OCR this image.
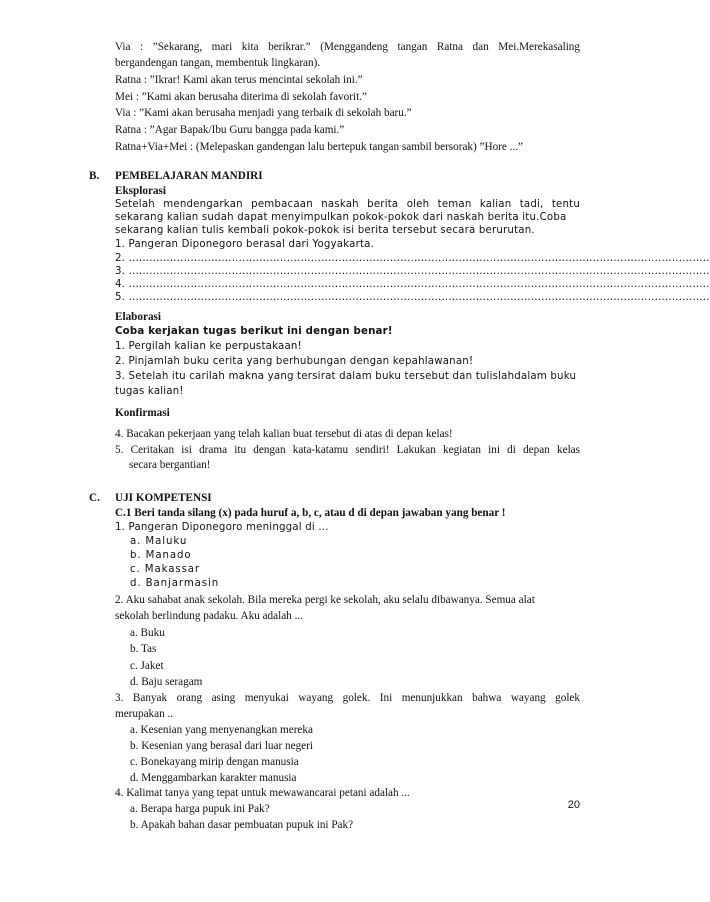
Via : ”Sekarang, mari kita berikrar.” (Menggandeng tangan Ratna dan Mei.Merekasaling
bergandengan tangan, membentuk lingkaran).
Ratna : ”Ikrar! Kami akan terus mencintai sekolah ini.”
Mei : ”Kami akan berusaha diterima di sekolah favorit.”
Via : ”Kami akan berusaha menjadi yang terbaik di sekolah baru.”
Ratna : ”Agar Bapak/Ibu Guru bangga pada kami.”
Ratna+Via+Mei : (Melepaskan gandengan lalu bertepuk tangan sambil bersorak) ”Hore ...”
B. PEMBELAJARAN MANDIRI
Eksplorasi
Setelah mendengarkan pembacaan naskah berita oleh teman kalian tadi, tentu
sekarang kalian sudah dapat menyimpulkan pokok-pokok dari naskah berita itu.Coba
sekarang kalian tulis kembali pokok-pokok isi berita tersebut secara berurutan.
1. Pangeran Diponegoro berasal dari Yogyakarta.
2. .........................................................................................................................................................................
3. .........................................................................................................................................................................
4. .........................................................................................................................................................................
5. .........................................................................................................................................................................
Elaborasi
Coba kerjakan tugas berikut ini dengan benar!
1. Pergilah kalian ke perpustakaan!
2. Pinjamlah buku cerita yang berhubungan dengan kepahlawanan!
3. Setelah itu carilah makna yang tersirat dalam buku tersebut dan tulislahdalam buku
tugas kalian!
Konfirmasi
4. Bacakan pekerjaan yang telah kalian buat tersebut di atas di depan kelas!
5. Ceritakan isi drama itu dengan kata-katamu sendiri! Lakukan kegiatan ini di depan kelas
secara bergantian!
C. UJI KOMPETENSI
C.1 Beri tanda silang (x) pada huruf a, b, c, atau d di depan jawaban yang benar !
1. Pangeran Diponegoro meninggal di ...
a. Maluku
b. Manado
c. Makassar
d. Banjarmasin
2. Aku sahabat anak sekolah. Bila mereka pergi ke sekolah, aku selalu dibawanya. Semua alat
sekolah berlindung padaku. Aku adalah ...
a. Buku
b. Tas
c. Jaket
d. Baju seragam
3. Banyak orang asing menyukai wayang golek. Ini menunjukkan bahwa wayang golek
merupakan ..
a. Kesenian yang menyenangkan mereka
b. Kesenian yang berasal dari luar negeri
c. Bonekayang mirip dengan manusia
d. Menggambarkan karakter manusia
4. Kalimat tanya yang tepat untuk mewawancarai petani adalah ...
a. Berapa harga pupuk ini Pak?
b. Apakah bahan dasar pembuatan pupuk ini Pak?
20
